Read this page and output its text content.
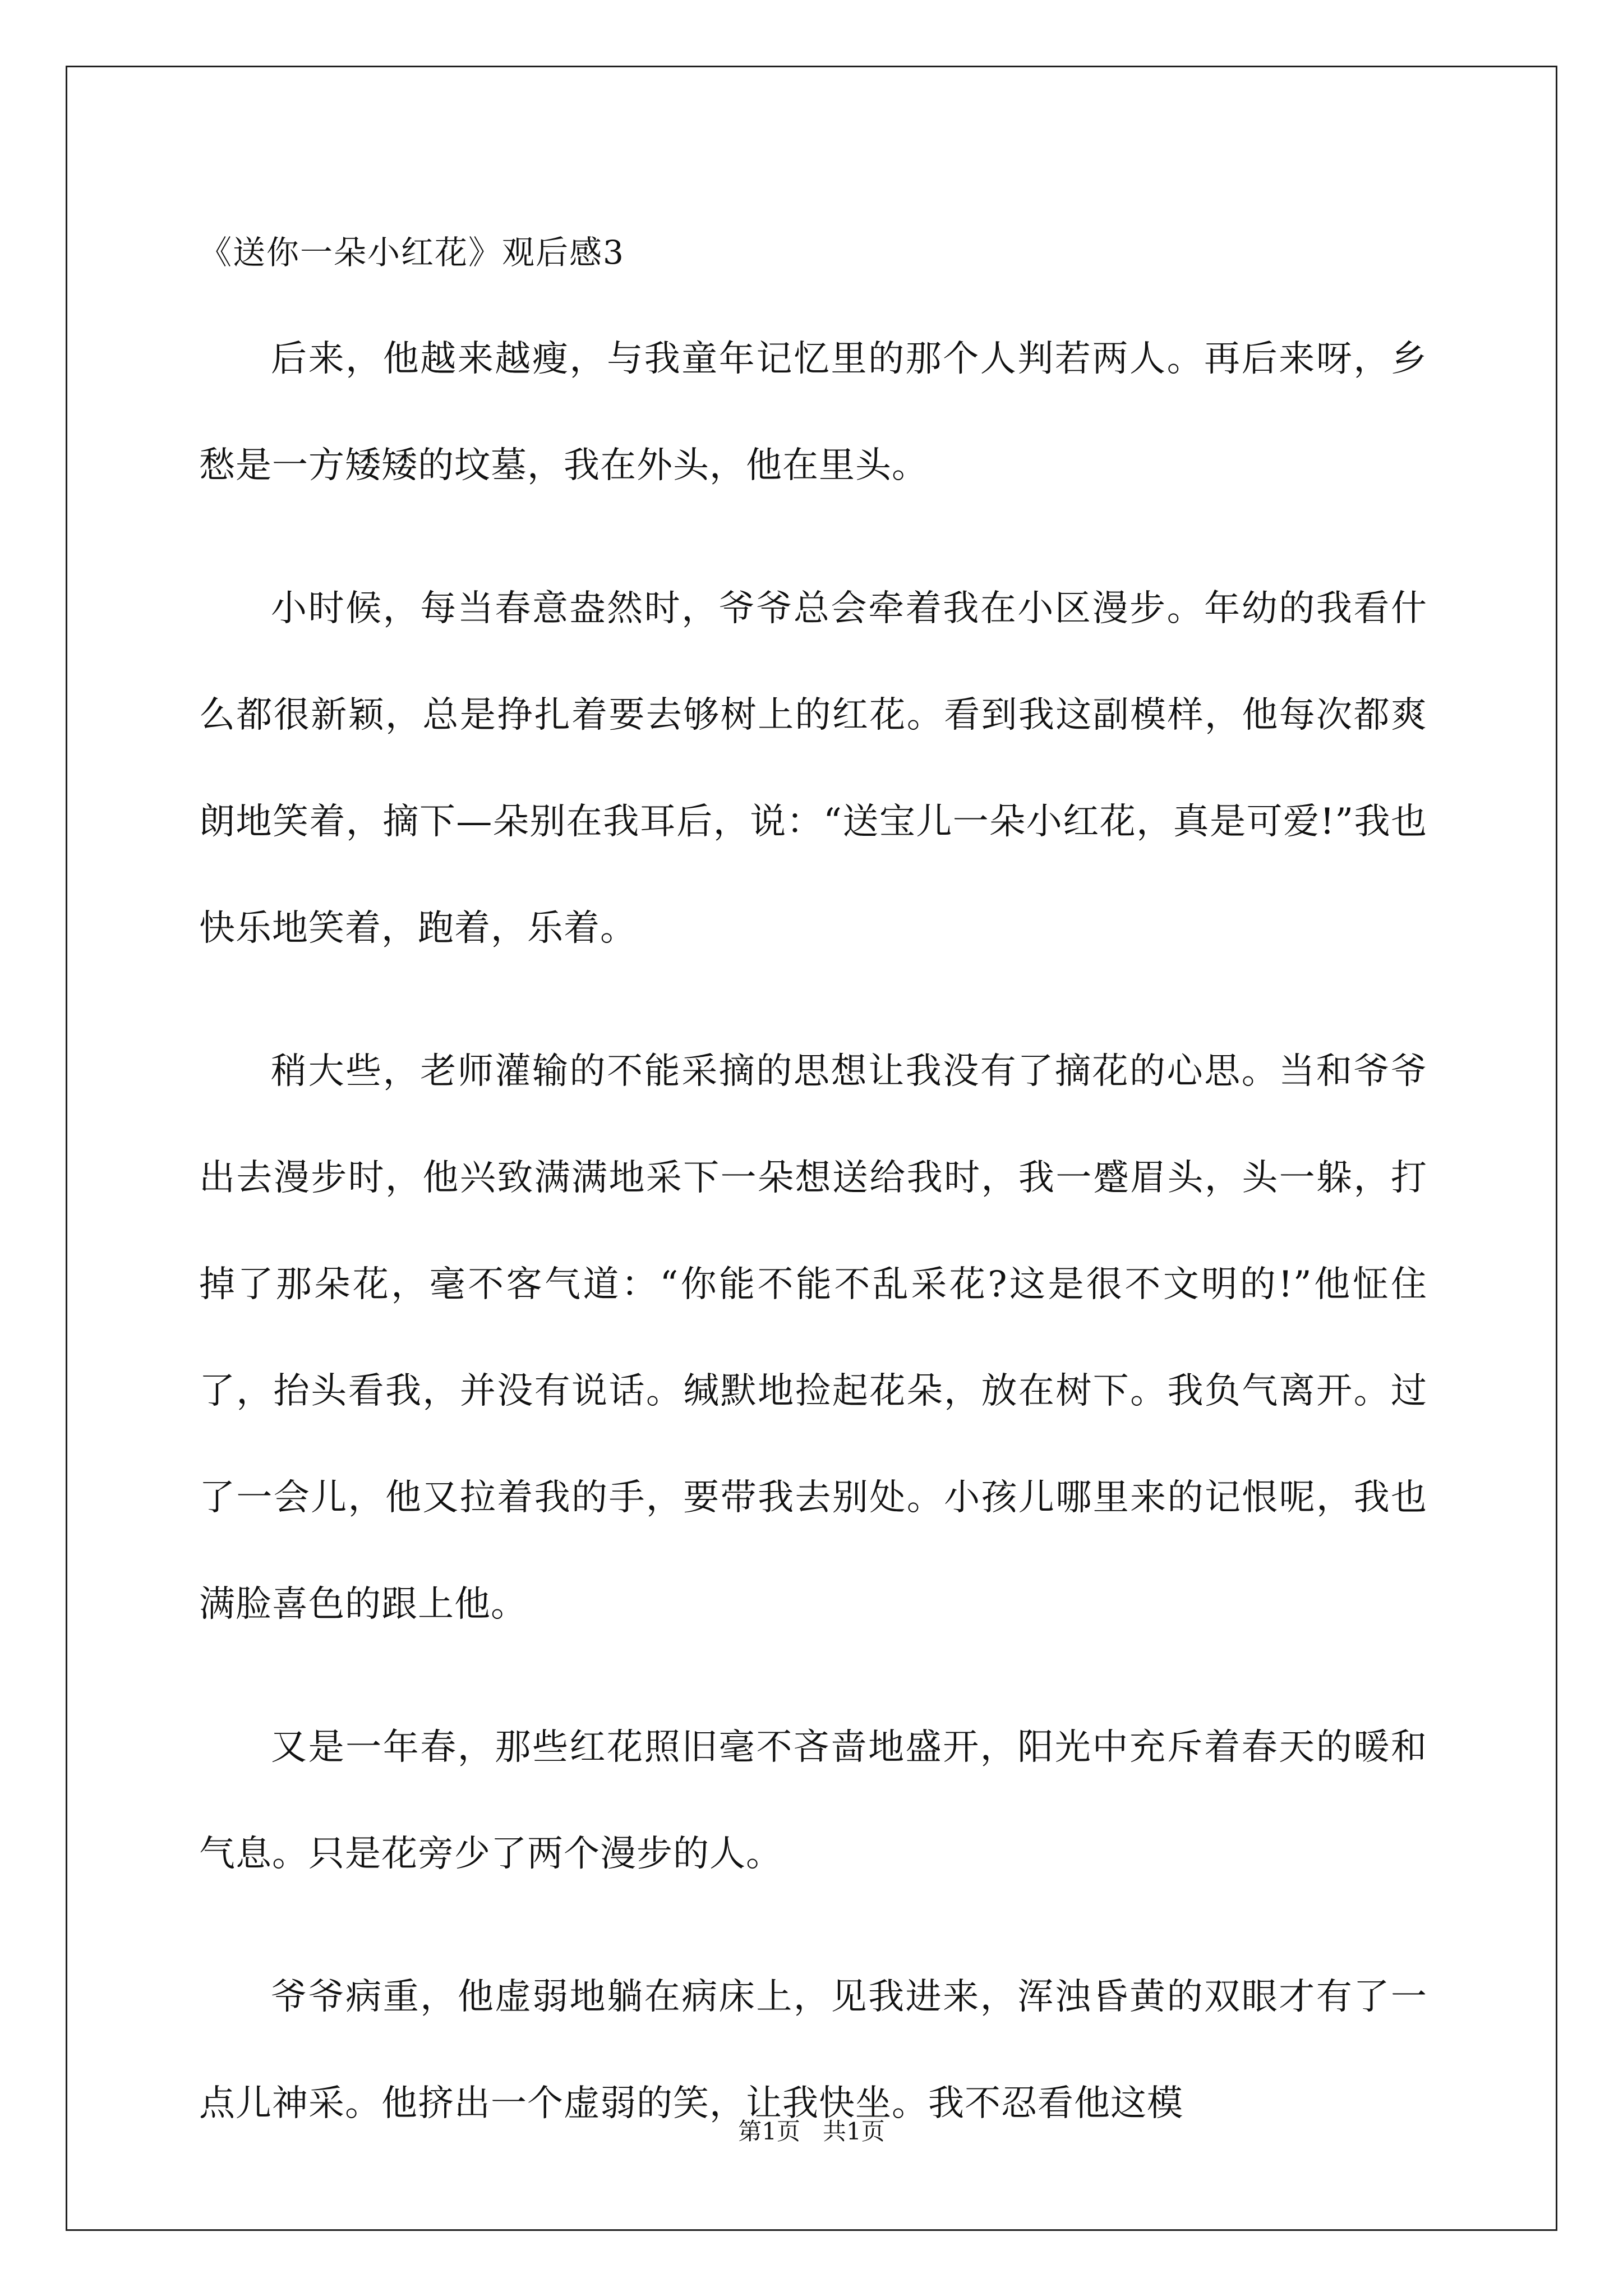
《送你一朵小红花》观后感3

后来，他越来越瘦，与我童年记忆里的那个人判若两人。再后来呀，乡愁是一方矮矮的坟墓，我在外头，他在里头。

小时候，每当春意盎然时，爷爷总会牵着我在小区漫步。年幼的我看什么都很新颖，总是挣扎着要去够树上的红花。看到我这副模样，他每次都爽朗地笑着，摘下—朵别在我耳后，说：“送宝儿一朵小红花，真是可爱!”我也快乐地笑着，跑着，乐着。

稍大些，老师灌输的不能采摘的思想让我没有了摘花的心思。当和爷爷出去漫步时，他兴致满满地采下一朵想送给我时，我一蹙眉头，头一躲，打掉了那朵花，毫不客气道：“你能不能不乱采花?这是很不文明的!”他怔住了，抬头看我，并没有说话。缄默地捡起花朵，放在树下。我负气离开。过了一会儿，他又拉着我的手，要带我去别处。小孩儿哪里来的记恨呢，我也满脸喜色的跟上他。

又是一年春，那些红花照旧毫不吝啬地盛开，阳光中充斥着春天的暖和气息。只是花旁少了两个漫步的人。

爷爷病重，他虚弱地躺在病床上，见我进来，浑浊昏黄的双眼才有了一点儿神采。他挤出一个虚弱的笑，让我快坐。我不忍看他这模

第1页   共1页
